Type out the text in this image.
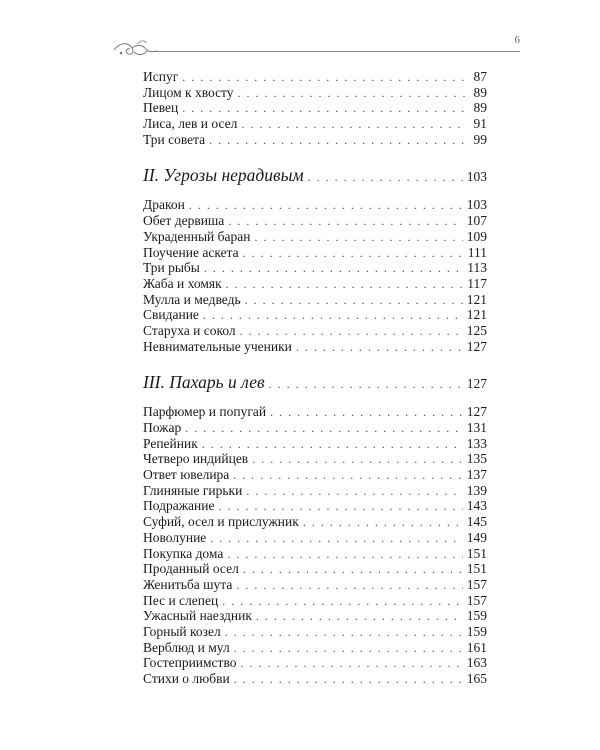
6
Испуг . . .	87
Лицом к хвосту . . .	89
Певец . . .	89
Лиса, лев и осел . . .	91
Три совета . . .	99
II. Угрозы нерадивым . . .	103
Дракон . . .	103
Обет дервиша . . .	107
Украденный баран . . .	109
Поучение аскета . . .	111
Три рыбы . . .	113
Жаба и хомяк . . .	117
Мулла и медведь . . .	121
Свидание . . .	121
Старуха и сокол . . .	125
Невнимательные ученики . . .	127
III. Пахарь и лев . . .	127
Парфюмер и попугай . . .	127
Пожар . . .	131
Репейник . . .	133
Четверо индийцев . . .	135
Ответ ювелира . . .	137
Глиняные гирьки . . .	139
Подражание . . .	143
Суфий, осел и прислужник . . .	145
Новолуние . . .	149
Покупка дома . . .	151
Проданный осел . . .	151
Женитьба шута . . .	157
Пес и слепец . . .	157
Ужасный наездник . . .	159
Горный козел . . .	159
Верблюд и мул . . .	161
Гостеприимство . . .	163
Стихи о любви . . .	165
